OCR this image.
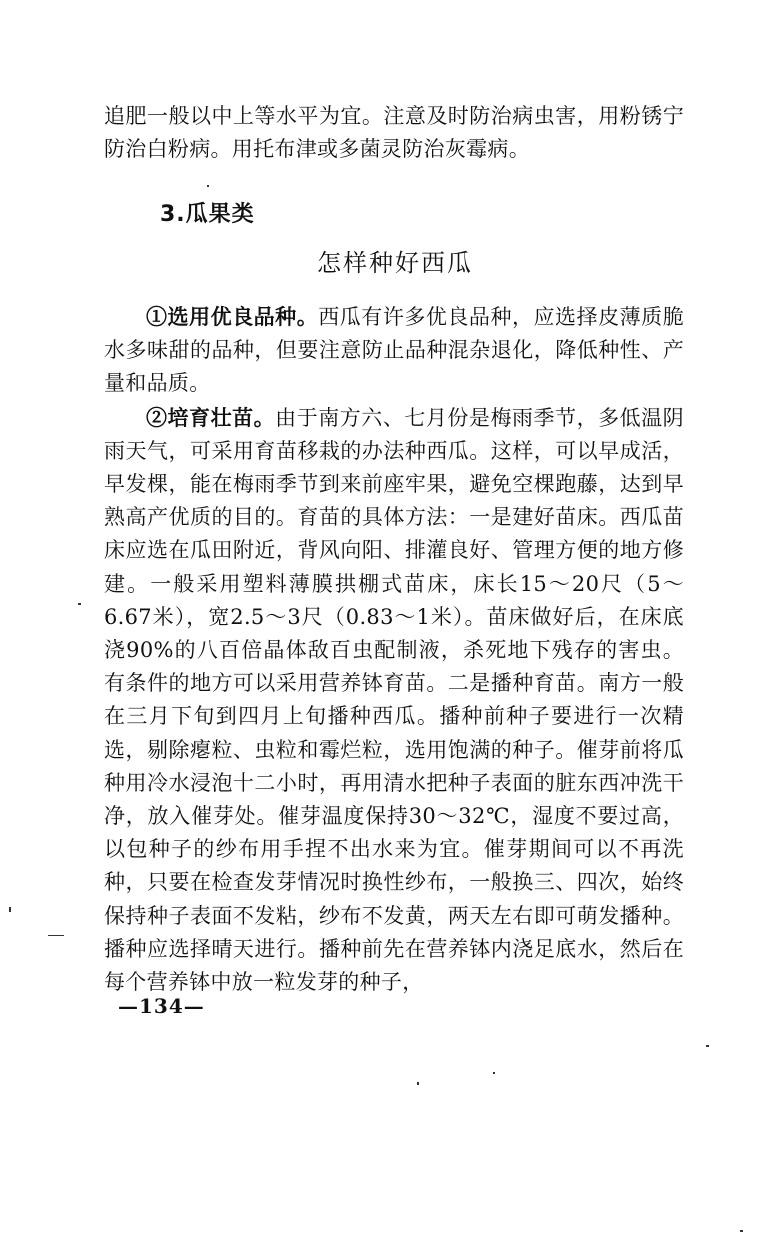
追肥一般以中上等水平为宜。注意及时防治病虫害，用粉锈宁防治白粉病。用托布津或多菌灵防治灰霉病。

3.瓜果类
怎样种好西瓜

①选用优良品种。西瓜有许多优良品种，应选择皮薄质脆水多味甜的品种，但要注意防止品种混杂退化，降低种性、产量和品质。

②培育壮苗。由于南方六、七月份是梅雨季节，多低温阴雨天气，可采用育苗移栽的办法种西瓜。这样，可以早成活，早发棵，能在梅雨季节到来前座牢果，避免空棵跑藤，达到早熟高产优质的目的。育苗的具体方法：一是建好苗床。西瓜苗床应选在瓜田附近，背风向阳、排灌良好、管理方便的地方修建。一般采用塑料薄膜拱棚式苗床，床长15～20尺（5～6.67米），宽2.5～3尺（0.83～1米）。苗床做好后，在床底浇90%的八百倍晶体敌百虫配制液，杀死地下残存的害虫。有条件的地方可以采用营养钵育苗。二是播种育苗。南方一般在三月下旬到四月上旬播种西瓜。播种前种子要进行一次精选，剔除瘪粒、虫粒和霉烂粒，选用饱满的种子。催芽前将瓜种用冷水浸泡十二小时，再用清水把种子表面的脏东西冲洗干净，放入催芽处。催芽温度保持30～32℃，湿度不要过高，以包种子的纱布用手捏不出水来为宜。催芽期间可以不再洗种，只要在检查发芽情况时换性纱布，一般换三、四次，始终保持种子表面不发粘，纱布不发黄，两天左右即可萌发播种。播种应选择晴天进行。播种前先在营养钵内浇足底水，然后在每个营养钵中放一粒发芽的种子，

—134—
